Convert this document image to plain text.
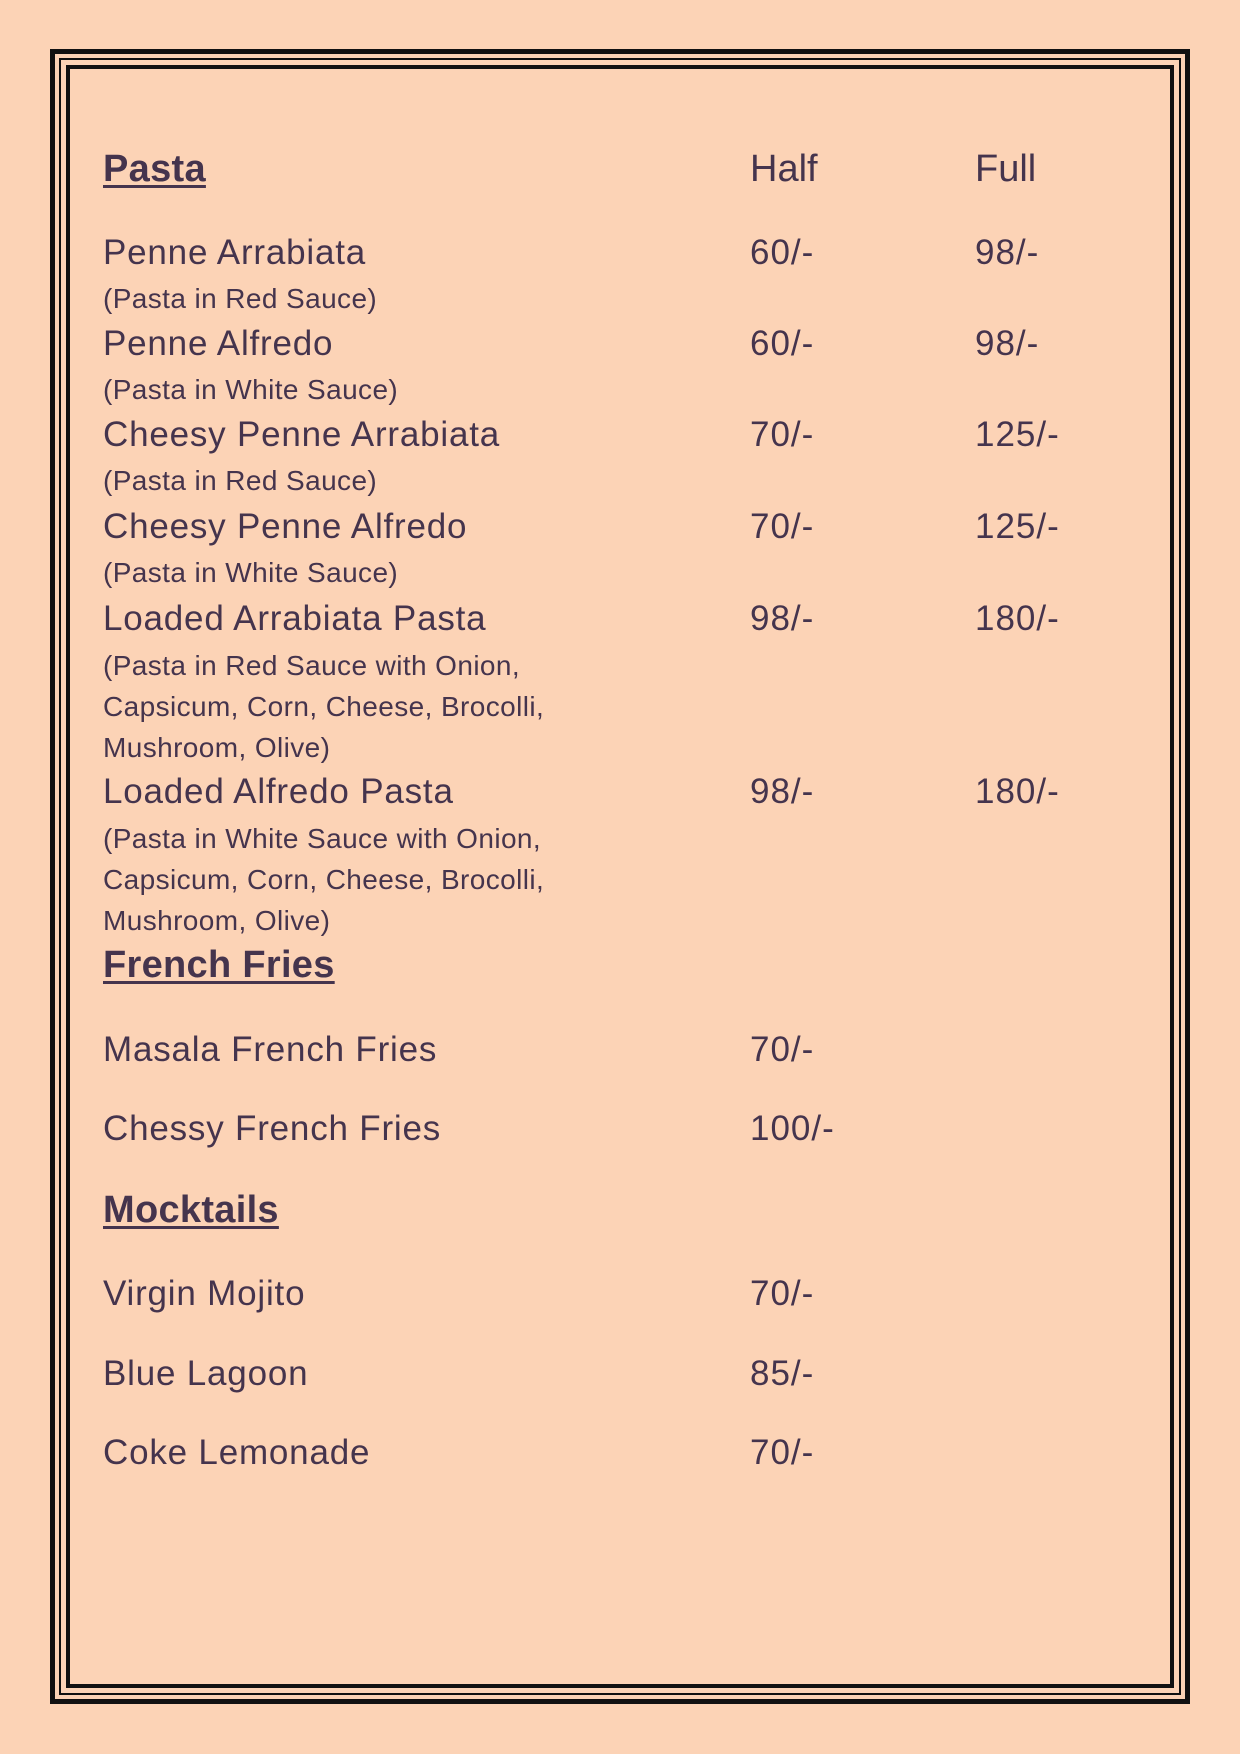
Pasta	Half	Full
Penne Arrabiata	60/-	98/-
(Pasta in Red Sauce)
Penne Alfredo	60/-	98/-
(Pasta in White Sauce)
Cheesy Penne Arrabiata	70/-	125/-
(Pasta in Red Sauce)
Cheesy Penne Alfredo	70/-	125/-
(Pasta in White Sauce)
Loaded Arrabiata Pasta	98/-	180/-
(Pasta in Red Sauce with Onion,
Capsicum, Corn, Cheese, Brocolli,
Mushroom, Olive)
Loaded Alfredo Pasta	98/-	180/-
(Pasta in White Sauce with Onion,
Capsicum, Corn, Cheese, Brocolli,
Mushroom, Olive)
French Fries
Masala French Fries	70/-
Chessy French Fries	100/-
Mocktails
Virgin Mojito	70/-
Blue Lagoon	85/-
Coke Lemonade	70/-
